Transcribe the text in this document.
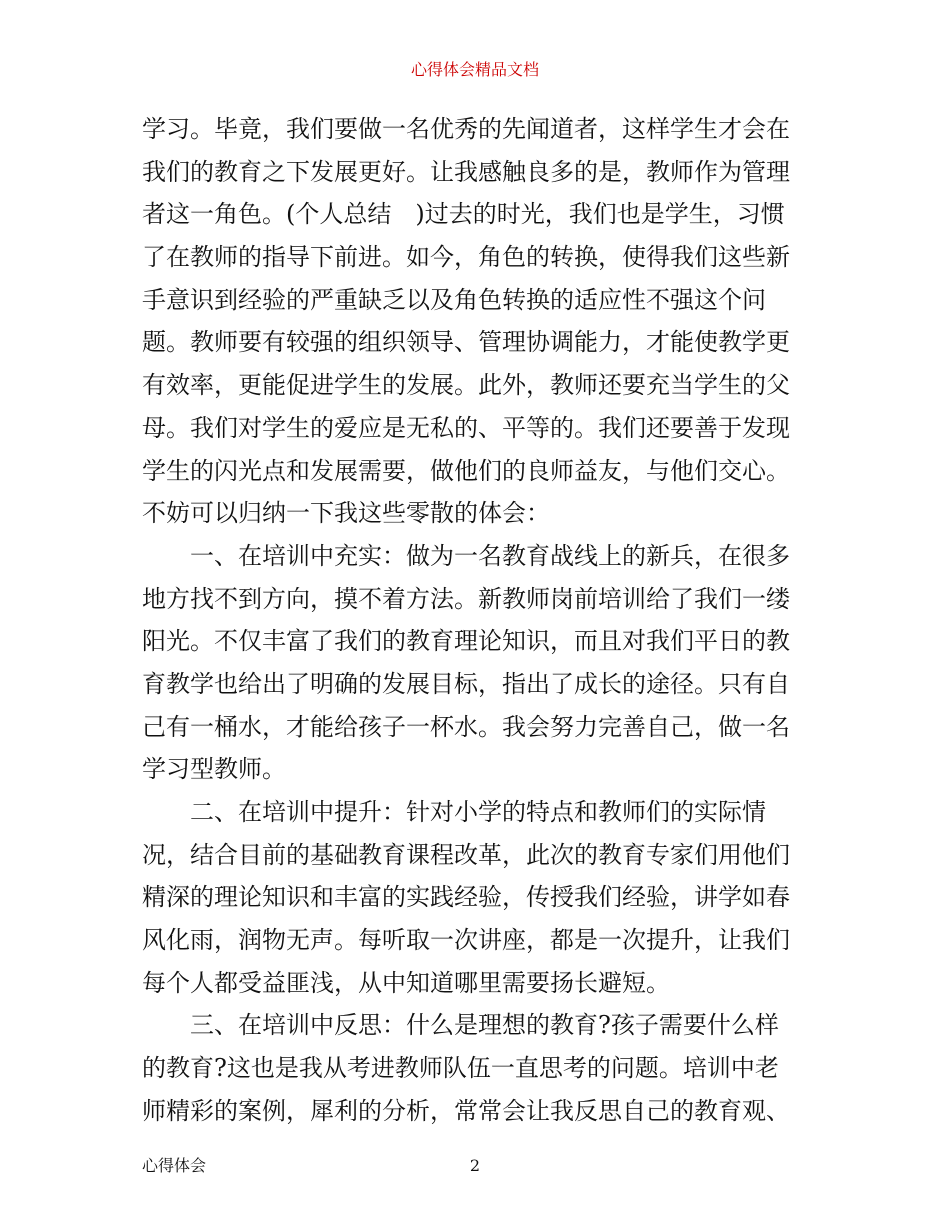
心得体会精品文档
学习。毕竟，我们要做一名优秀的先闻道者，这样学生才会在
我们的教育之下发展更好。让我感触良多的是，教师作为管理
者这一角色。(个人总结　)过去的时光，我们也是学生，习惯
了在教师的指导下前进。如今，角色的转换，使得我们这些新
手意识到经验的严重缺乏以及角色转换的适应性不强这个问
题。教师要有较强的组织领导、管理协调能力，才能使教学更
有效率，更能促进学生的发展。此外，教师还要充当学生的父
母。我们对学生的爱应是无私的、平等的。我们还要善于发现
学生的闪光点和发展需要，做他们的良师益友，与他们交心。
不妨可以归纳一下我这些零散的体会：
一、在培训中充实：做为一名教育战线上的新兵，在很多
地方找不到方向，摸不着方法。新教师岗前培训给了我们一缕
阳光。不仅丰富了我们的教育理论知识，而且对我们平日的教
育教学也给出了明确的发展目标，指出了成长的途径。只有自
己有一桶水，才能给孩子一杯水。我会努力完善自己，做一名
学习型教师。
二、在培训中提升：针对小学的特点和教师们的实际情
况，结合目前的基础教育课程改革，此次的教育专家们用他们
精深的理论知识和丰富的实践经验，传授我们经验，讲学如春
风化雨，润物无声。每听取一次讲座，都是一次提升，让我们
每个人都受益匪浅，从中知道哪里需要扬长避短。
三、在培训中反思：什么是理想的教育?孩子需要什么样
的教育?这也是我从考进教师队伍一直思考的问题。培训中老
师精彩的案例，犀利的分析，常常会让我反思自己的教育观、
心得体会	2
